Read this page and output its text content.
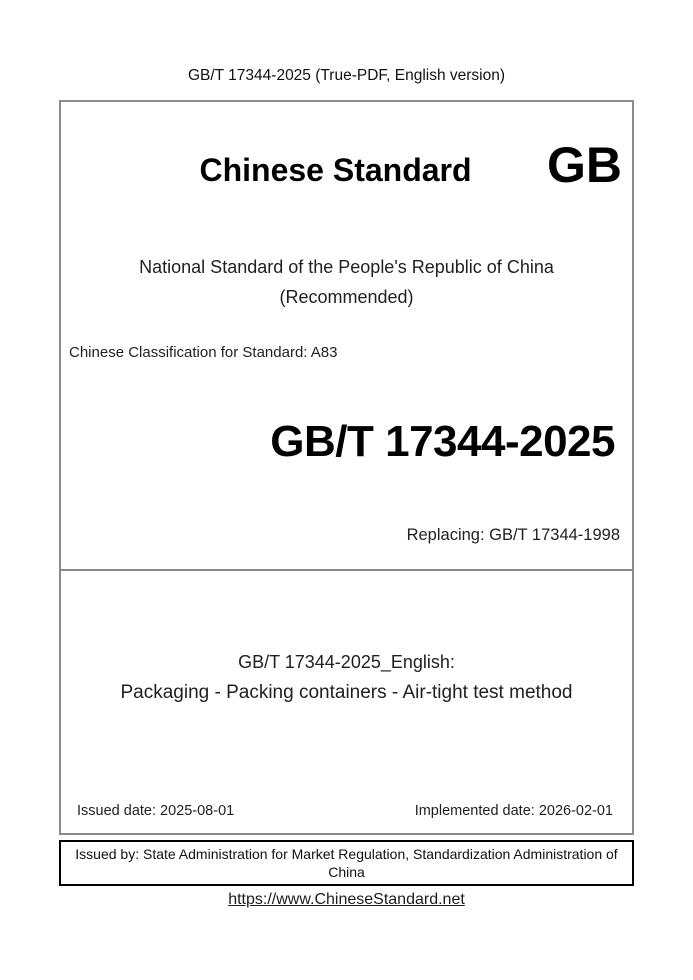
GB/T 17344-2025 (True-PDF, English version)
Chinese Standard	GB
National Standard of the People's Republic of China
(Recommended)
Chinese Classification for Standard: A83
GB/T 17344-2025
Replacing: GB/T 17344-1998
GB/T 17344-2025_English:
Packaging - Packing containers - Air-tight test method
Issued date: 2025-08-01	Implemented date: 2026-02-01
Issued by: State Administration for Market Regulation, Standardization Administration of
China
https://www.ChineseStandard.net
